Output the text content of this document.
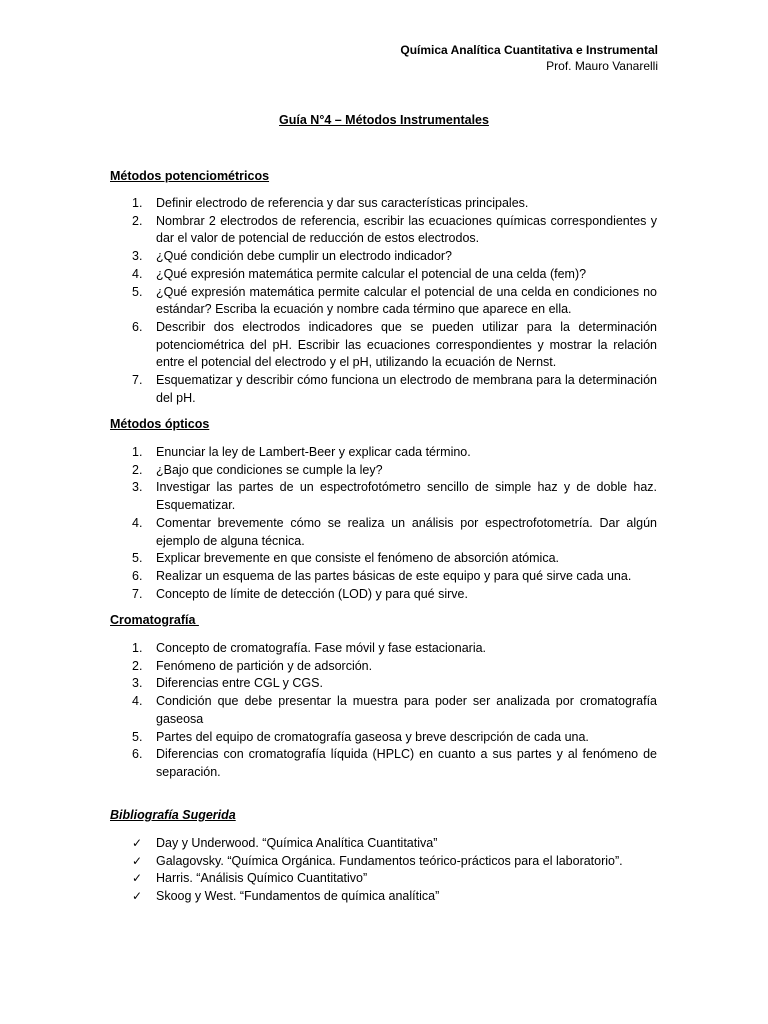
Química Analítica Cuantitativa e Instrumental
Prof. Mauro Vanarelli
Guía N°4 – Métodos Instrumentales
Métodos potenciométricos
1. Definir electrodo de referencia y dar sus características principales.
2. Nombrar 2 electrodos de referencia, escribir las ecuaciones químicas correspondientes y dar el valor de potencial de reducción de estos electrodos.
3. ¿Qué condición debe cumplir un electrodo indicador?
4. ¿Qué expresión matemática permite calcular el potencial de una celda (fem)?
5. ¿Qué expresión matemática permite calcular el potencial de una celda en condiciones no estándar? Escriba la ecuación y nombre cada término que aparece en ella.
6. Describir dos electrodos indicadores que se pueden utilizar para la determinación potenciométrica del pH. Escribir las ecuaciones correspondientes y mostrar la relación entre el potencial del electrodo y el pH, utilizando la ecuación de Nernst.
7. Esquematizar y describir cómo funciona un electrodo de membrana para la determinación del pH.
Métodos ópticos
1. Enunciar la ley de Lambert-Beer y explicar cada término.
2. ¿Bajo que condiciones se cumple la ley?
3. Investigar las partes de un espectrofotómetro sencillo de simple haz y de doble haz. Esquematizar.
4. Comentar brevemente cómo se realiza un análisis por espectrofotometría. Dar algún ejemplo de alguna técnica.
5. Explicar brevemente en que consiste el fenómeno de absorción atómica.
6. Realizar un esquema de las partes básicas de este equipo y para qué sirve cada una.
7. Concepto de límite de detección (LOD) y para qué sirve.
Cromatografía
1. Concepto de cromatografía. Fase móvil y fase estacionaria.
2. Fenómeno de partición y de adsorción.
3. Diferencias entre CGL y CGS.
4. Condición que debe presentar la muestra para poder ser analizada por cromatografía gaseosa
5. Partes del equipo de cromatografía gaseosa y breve descripción de cada una.
6. Diferencias con cromatografía líquida (HPLC) en cuanto a sus partes y al fenómeno de separación.
Bibliografía Sugerida
✓ Day y Underwood. “Química Analítica Cuantitativa”
✓ Galagovsky. “Química Orgánica. Fundamentos teórico-prácticos para el laboratorio”.
✓ Harris. “Análisis Químico Cuantitativo”
✓ Skoog y West. “Fundamentos de química analítica”
